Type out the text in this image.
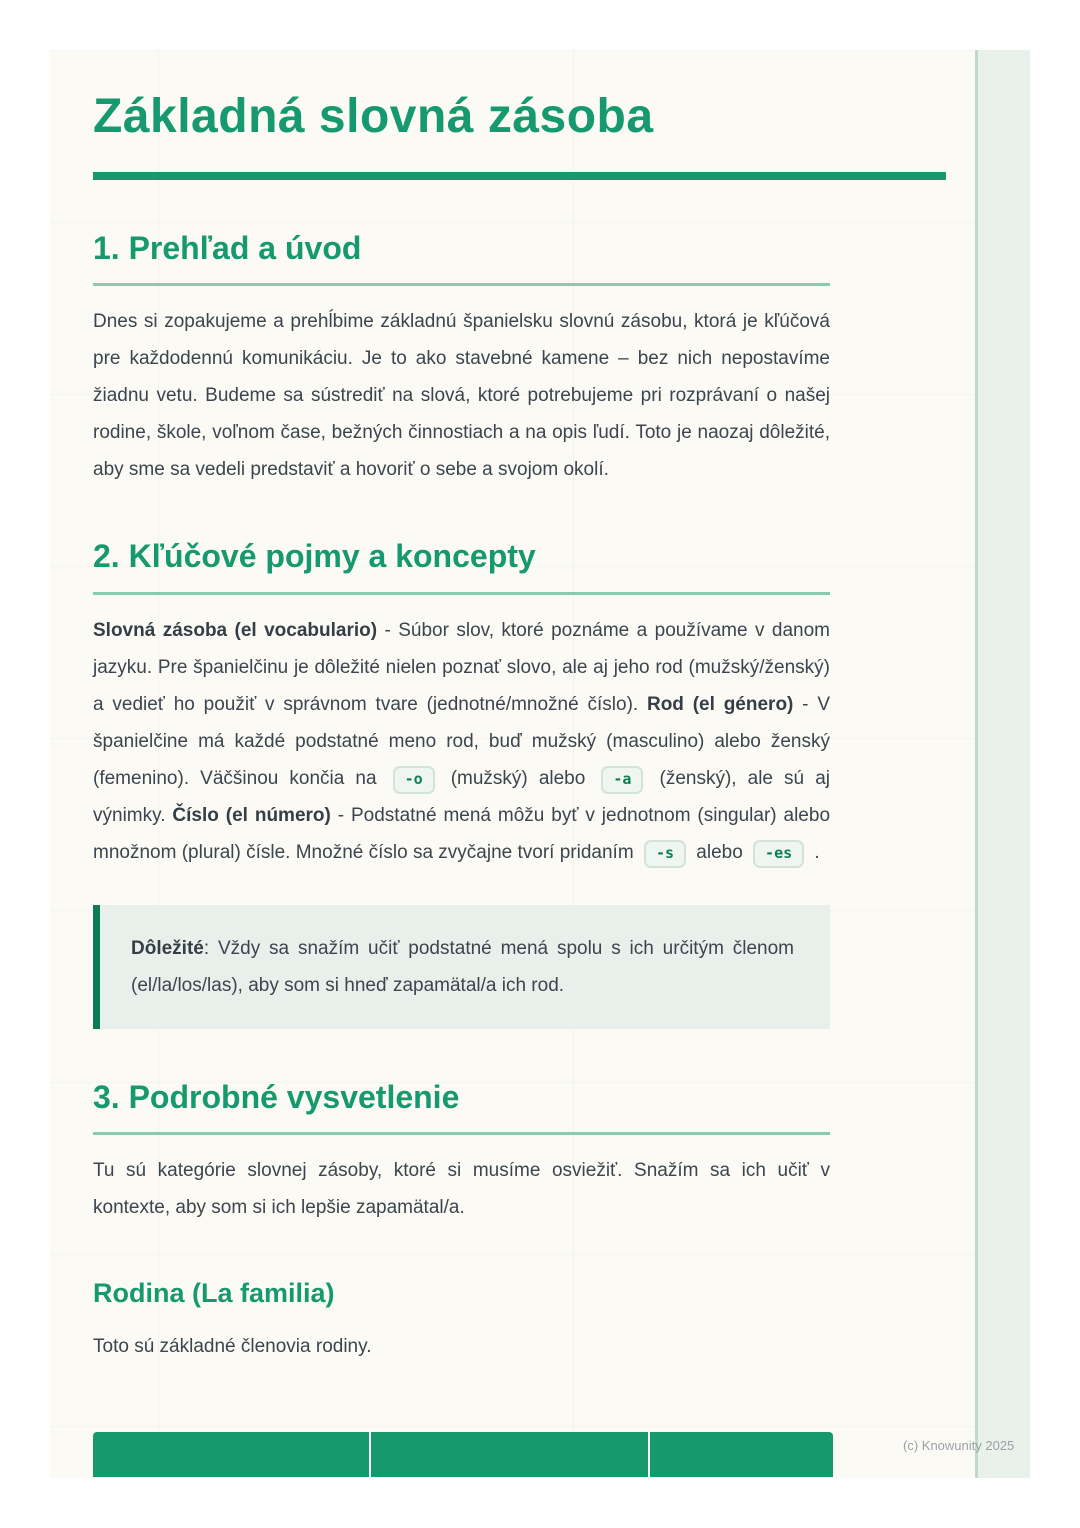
Základná slovná zásoba
1. Prehľad a úvod

Dnes si zopakujeme a prehĺbime základnú španielsku slovnú zásobu, ktorá je kľúčová pre každodennú komunikáciu. Je to ako stavebné kamene – bez nich nepostavíme žiadnu vetu. Budeme sa sústrediť na slová, ktoré potrebujeme pri rozprávaní o našej rodine, škole, voľnom čase, bežných činnostiach a na opis ľudí. Toto je naozaj dôležité, aby sme sa vedeli predstaviť a hovoriť o sebe a svojom okolí.

2. Kľúčové pojmy a koncepty

Slovná zásoba (el vocabulario) - Súbor slov, ktoré poznáme a používame v danom jazyku. Pre španielčinu je dôležité nielen poznať slovo, ale aj jeho rod (mužský/ženský) a vedieť ho použiť v správnom tvare (jednotné/množné číslo). Rod (el género) - V španielčine má každé podstatné meno rod, buď mužský (masculino) alebo ženský (femenino). Väčšinou končia na -o (mužský) alebo -a (ženský), ale sú aj výnimky. Číslo (el número) - Podstatné mená môžu byť v jednotnom (singular) alebo množnom (plural) čísle. Množné číslo sa zvyčajne tvorí pridaním -s alebo -es .

Dôležité: Vždy sa snažím učiť podstatné mená spolu s ich určitým členom (el/la/los/las), aby som si hneď zapamätal/a ich rod.
3. Podrobné vysvetlenie

Tu sú kategórie slovnej zásoby, ktoré si musíme osviežiť. Snažím sa ich učiť v kontexte, aby som si ich lepšie zapamätal/a.

Rodina (La familia)

Toto sú základné členovia rodiny.

(c) Knowunity 2025
